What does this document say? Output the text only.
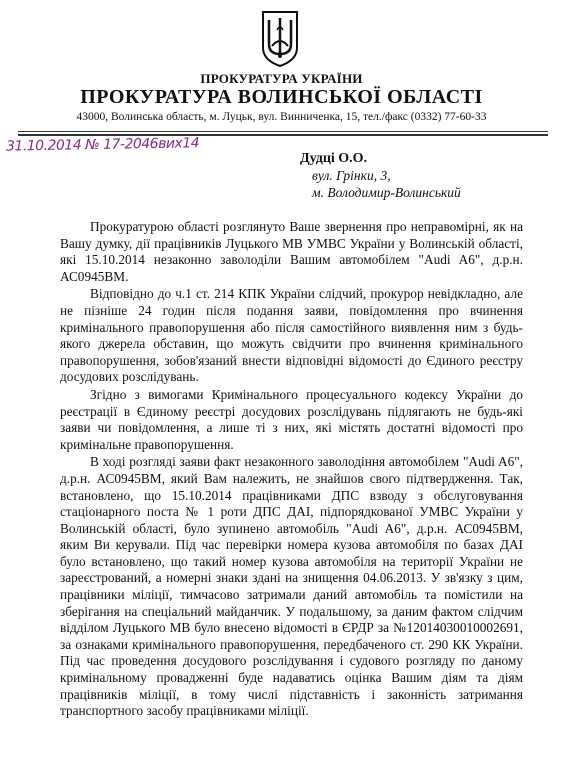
ПРОКУРАТУРА УКРАЇНИ
ПРОКУРАТУРА ВОЛИНСЬКОЇ ОБЛАСТІ
43000, Волинська область, м. Луцьк, вул. Винниченка, 15, тел./факс (0332) 77-60-33
31.10.2014 № 17-2046вих14
Дудці О.О.
вул. Грінки, 3,
м. Володимир-Волинський

Прокуратурою області розглянуто Ваше звернення про неправомірні, як на Вашу думку, дії працівників Луцького МВ УМВС України у Волинській області, які 15.10.2014 незаконно заволоділи Вашим автомобілем "Audi A6", д.р.н. АС0945ВМ.

Відповідно до ч.1 ст. 214 КПК України слідчий, прокурор невідкладно, але не пізніше 24 годин після подання заяви, повідомлення про вчинення кримінального правопорушення або після самостійного виявлення ним з будь-якого джерела обставин, що можуть свідчити про вчинення кримінального правопорушення, зобов'язаний внести відповідні відомості до Єдиного реєстру досудових розслідувань.

Згідно з вимогами Кримінального процесуального кодексу України до реєстрації в Єдиному реєстрі досудових розслідувань підлягають не будь-які заяви чи повідомлення, а лише ті з них, які містять достатні відомості про кримінальне правопорушення.

В ході розгляді заяви факт незаконного заволодіння автомобілем "Audi A6", д.р.н. АС0945ВМ, який Вам належить, не знайшов свого підтвердження. Так, встановлено, що 15.10.2014 працівниками ДПС взводу з обслуговування стаціонарного поста № 1 роти ДПС ДАІ, підпорядкованої УМВС України у Волинській області, було зупинено автомобіль "Audi A6", д.р.н. АС0945ВМ, яким Ви керували. Під час перевірки номера кузова автомобіля по базах ДАІ було встановлено, що такий номер кузова автомобіля на території України не зареєстрований, а номерні знаки здані на знищення 04.06.2013. У зв'язку з цим, працівники міліції, тимчасово затримали даний автомобіль та помістили на зберігання на спеціальний майданчик. У подальшому, за даним фактом слідчим відділом Луцького МВ було внесено відомості в ЄРДР за №12014030010002691, за ознаками кримінального правопорушення, передбаченого ст. 290 КК України. Під час проведення досудового розслідування і судового розгляду по даному кримінальному провадженні буде надаватись оцінка Вашим діям та діям працівників міліції, в тому числі підставність і законність затримання транспортного засобу працівниками міліції.
